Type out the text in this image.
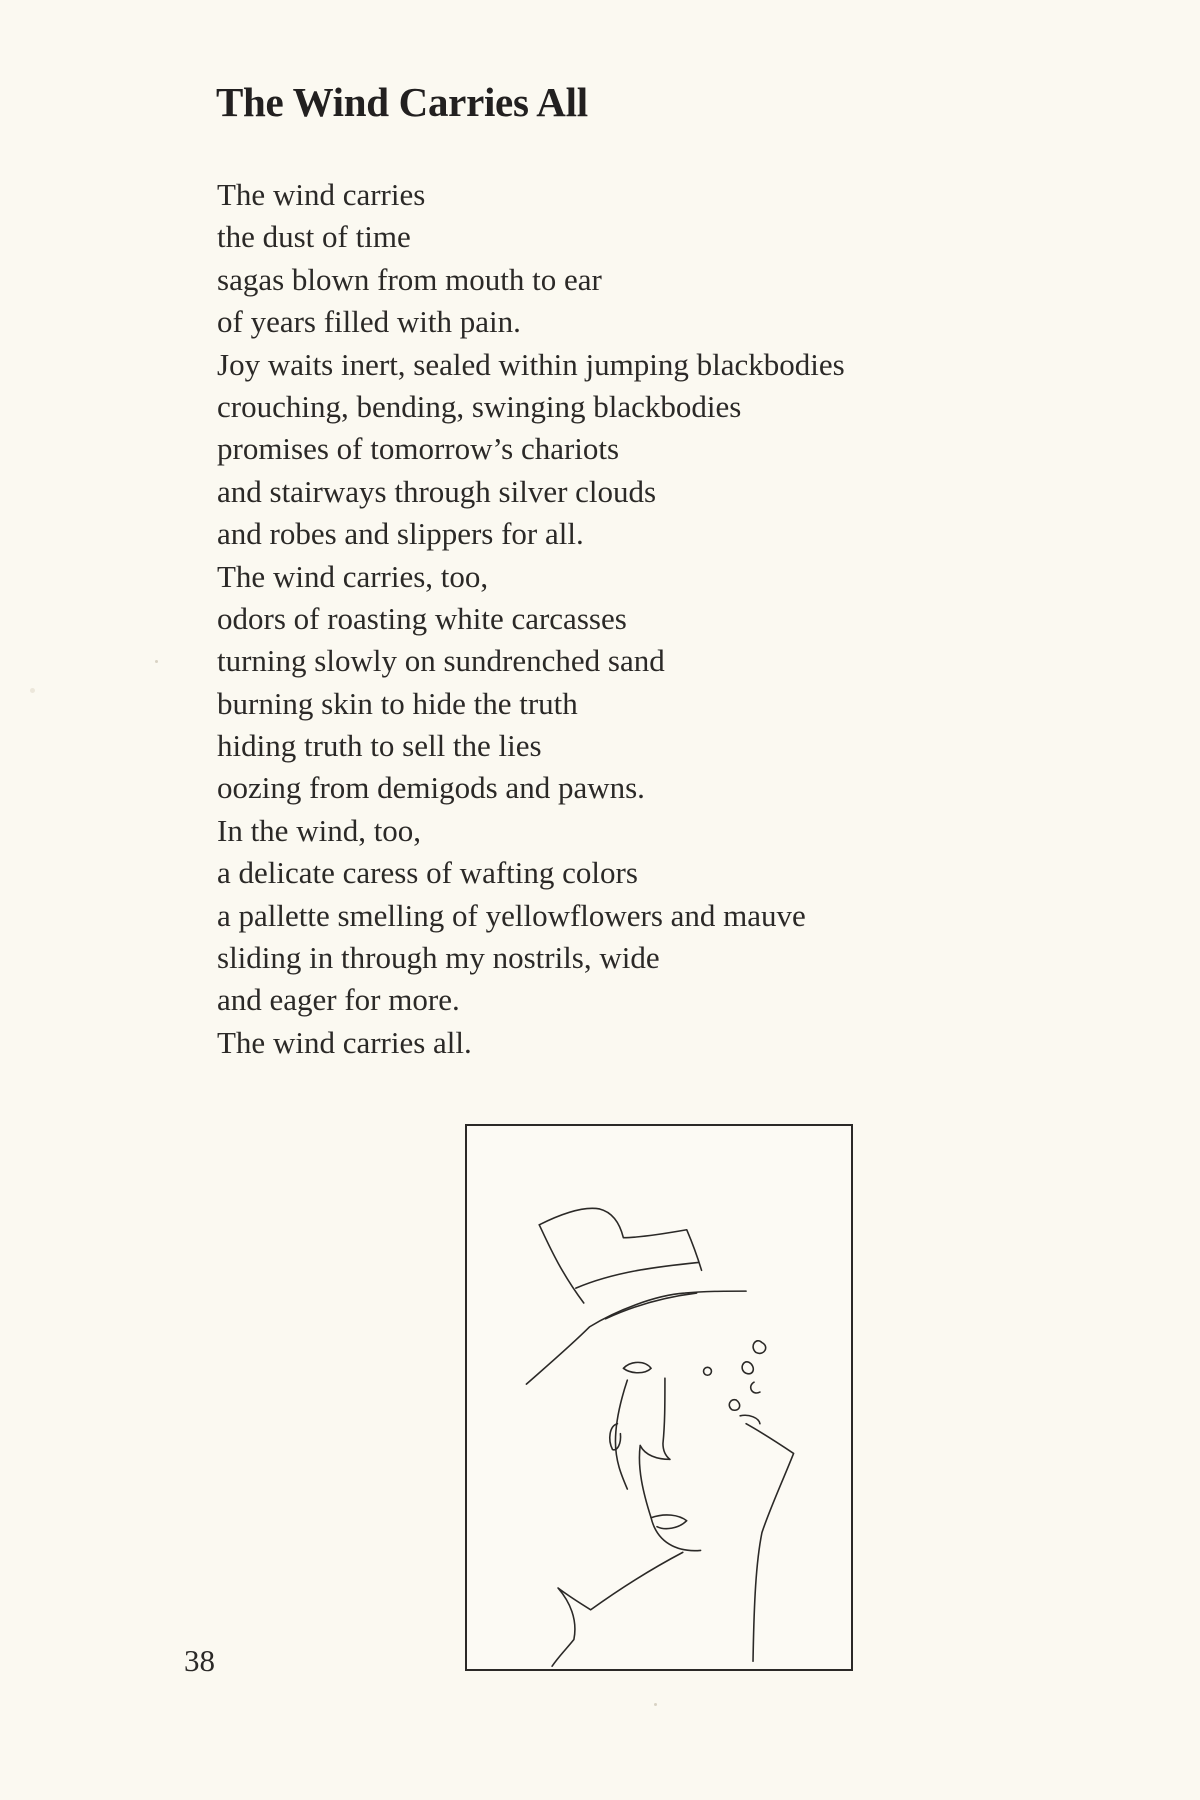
The Wind Carries All
The wind carries
the dust of time
sagas blown from mouth to ear
of years filled with pain.
Joy waits inert, sealed within jumping blackbodies
crouching, bending, swinging blackbodies
promises of tomorrow’s chariots
and stairways through silver clouds
and robes and slippers for all.
The wind carries, too,
odors of roasting white carcasses
turning slowly on sundrenched sand
burning skin to hide the truth
hiding truth to sell the lies
oozing from demigods and pawns.
In the wind, too,
a delicate caress of wafting colors
a pallette smelling of yellowflowers and mauve
sliding in through my nostrils, wide
and eager for more.
The wind carries all.

38
